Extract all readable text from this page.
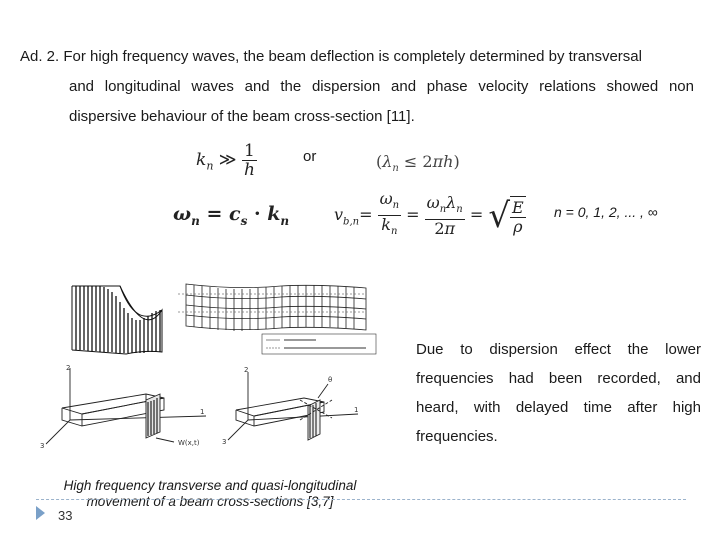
Ad. 2. For high frequency waves, the beam deflection is completely determined by transversal
and longitudinal waves and the dispersion and phase velocity relations showed non
dispersive behaviour of the beam cross-section [11].
$k_n$ ≫ $\frac{1}{h}$	or	$(\lambda_n \le 2\pi h)$
$\omega_n = c_s \cdot k_n$	$v_{b,n}= \frac{\omega_n}{k_n} = \frac{\omega_n\lambda_n}{2\pi}$ = √ $\frac{E}{\rho}$ n = 0, 1, 2, ... , ∞
2
1
3	W(x,t)
2
1
3
θ
Due to dispersion effect the lower
frequencies had been recorded, and
heard, with delayed time after high
frequencies.
High frequency transverse and quasi-longitudinal movement of a beam cross-sections [3,7]
33
